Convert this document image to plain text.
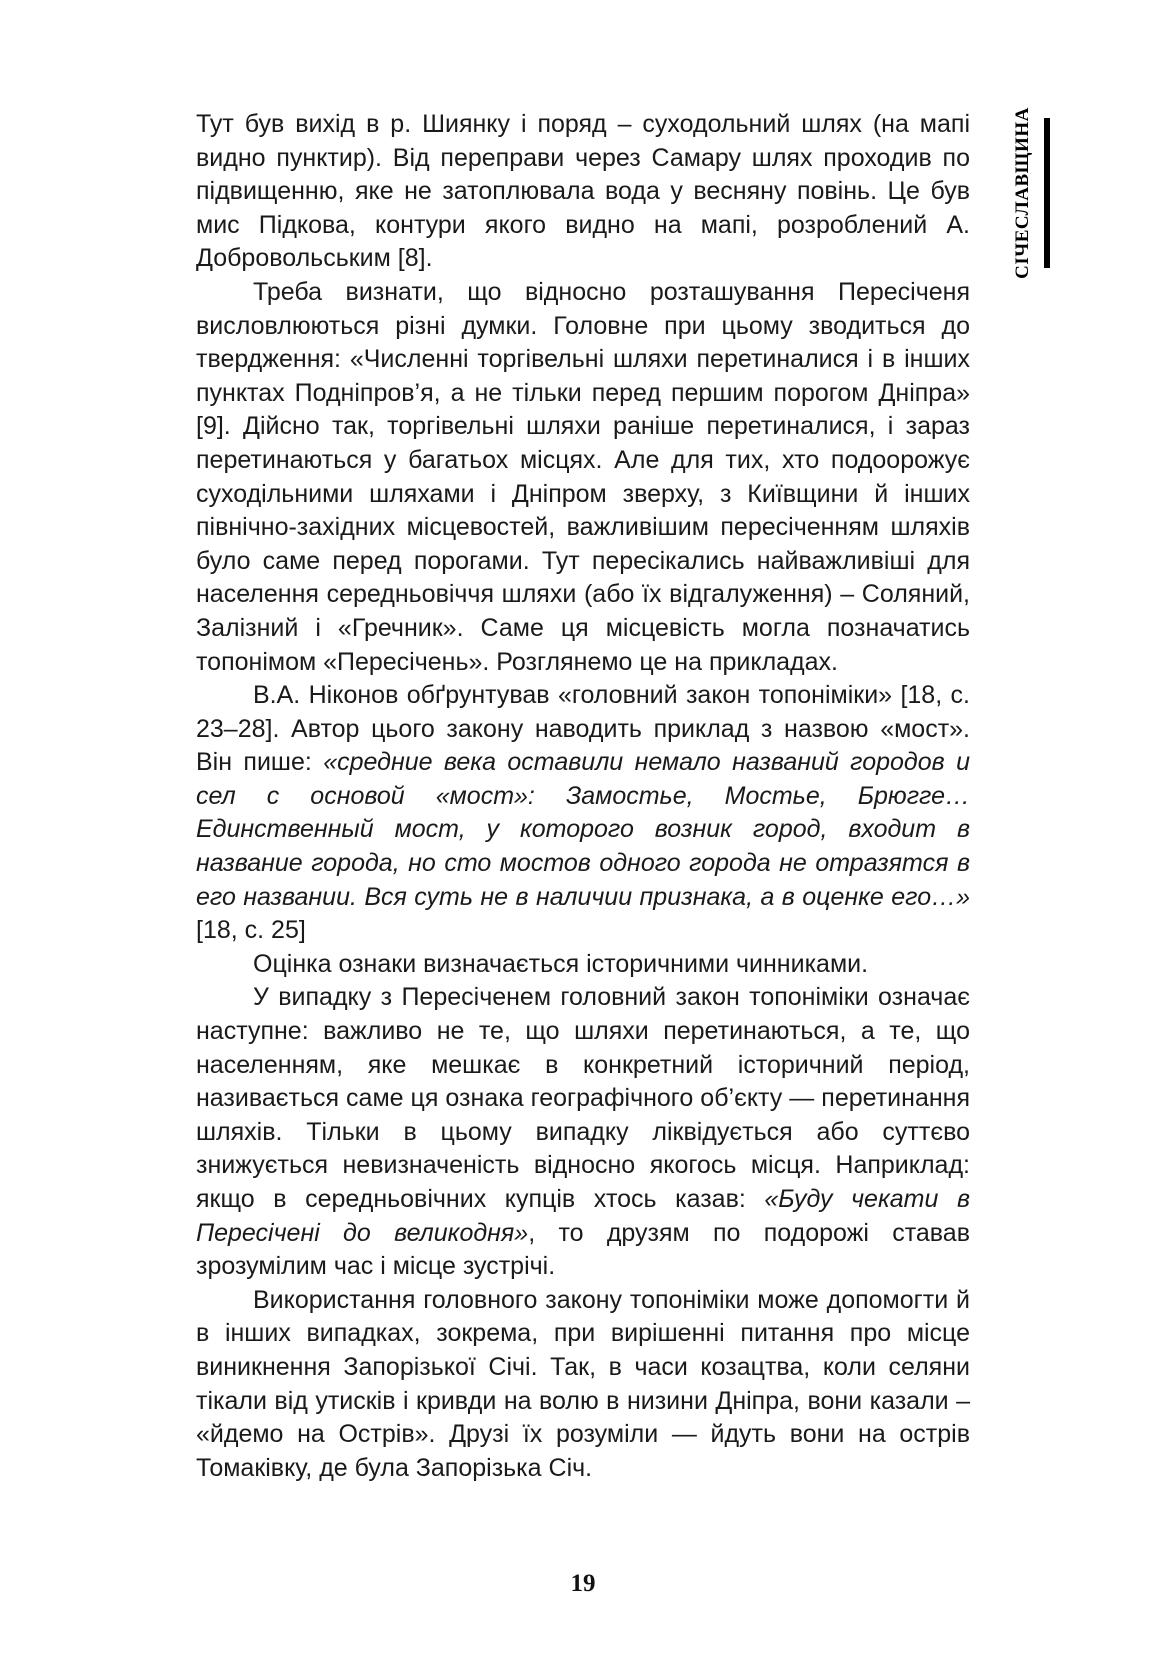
СІЧЕСЛАВЩИНА

Тут був вихід в р. Шиянку і поряд – суходольний шлях (на мапі видно пунктир). Від переправи через Самару шлях проходив по підвищенню, яке не затоплювала вода у весняну повінь. Це був мис Підкова, контури якого видно на мапі, розроблений А. Добровольським [8].

Треба визнати, що відносно розташування Пересіченя висловлюються різні думки. Головне при цьому зводиться до твердження: «Численні торгівельні шляхи перетиналися і в інших пунктах Подніпров’я, а не тільки перед першим порогом Дніпра» [9]. Дійсно так, торгівельні шляхи раніше перетиналися, і зараз перетинаються у багатьох місцях. Але для тих, хто подоорожує суходільними шляхами і Дніпром зверху, з Київщини й інших північно-західних місцевостей, важливішим пересіченням шляхів було саме перед порогами. Тут пересікались найважливіші для населення середньовіччя шляхи (або їх відгалуження) – Соляний, Залізний і «Гречник». Саме ця місцевість могла позначатись топонімом «Пересічень». Розглянемо це на прикладах.

В.А. Ніконов обґрунтував «головний закон топоніміки» [18, с. 23–28]. Автор цього закону наводить приклад з назвою «мост». Він пише: «средние века оставили немало названий городов и сел с основой «мост»: Замостье, Мостье, Брюгге… Единственный мост, у которого возник город, входит в название города, но сто мостов одного города не отразятся в его названии. Вся суть не в наличии признака, а в оценке его…» [18, с. 25]

Оцінка ознаки визначається історичними чинниками.

У випадку з Пересіченем головний закон топоніміки означає наступне: важливо не те, що шляхи перетинаються, а те, що населенням, яке мешкає в конкретний історичний період, називається саме ця ознака географічного об’єкту — перетинання шляхів. Тільки в цьому випадку ліквідується або суттєво знижується невизначеність відносно якогось місця. Наприклад: якщо в середньовічних купців хтось казав: «Буду чекати в Пересічені до великодня», то друзям по подорожі ставав зрозумілим час і місце зустрічі.

Використання головного закону топоніміки може допомогти й в інших випадках, зокрема, при вирішенні питання про місце виникнення Запорізької Січі. Так, в часи козацтва, коли селяни тікали від утисків і кривди на волю в низини Дніпра, вони казали – «йдемо на Острів». Друзі їх розуміли — йдуть вони на острів Томаківку, де була Запорізька Січ.

19
